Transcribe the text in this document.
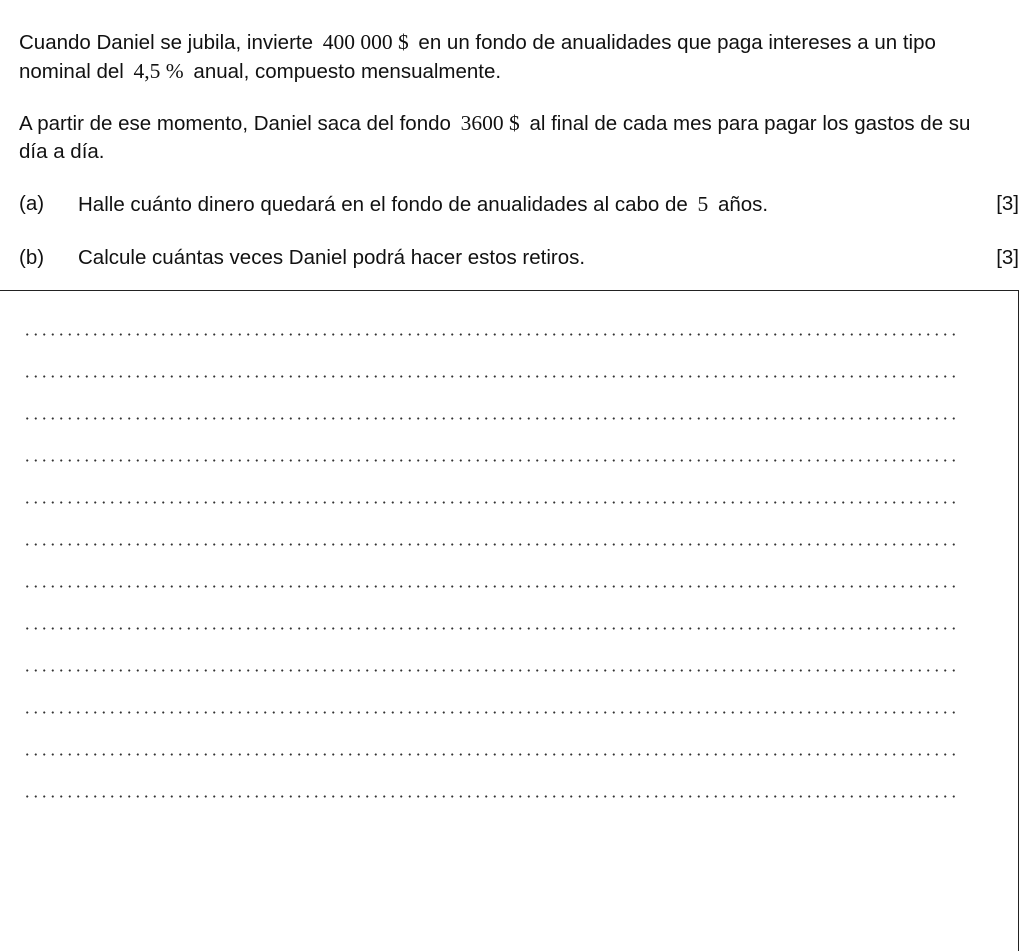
Cuando Daniel se jubila, invierte 400 000 $ en un fondo de anualidades que paga intereses a un tipo nominal del 4,5 % anual, compuesto mensualmente.

A partir de ese momento, Daniel saca del fondo 3600 $ al final de cada mes para pagar los gastos de su día a día.

(a) Halle cuánto dinero quedará en el fondo de anualidades al cabo de 5 años.	[3]
(b) Calcule cuántas veces Daniel podrá hacer estos retiros.	[3]
